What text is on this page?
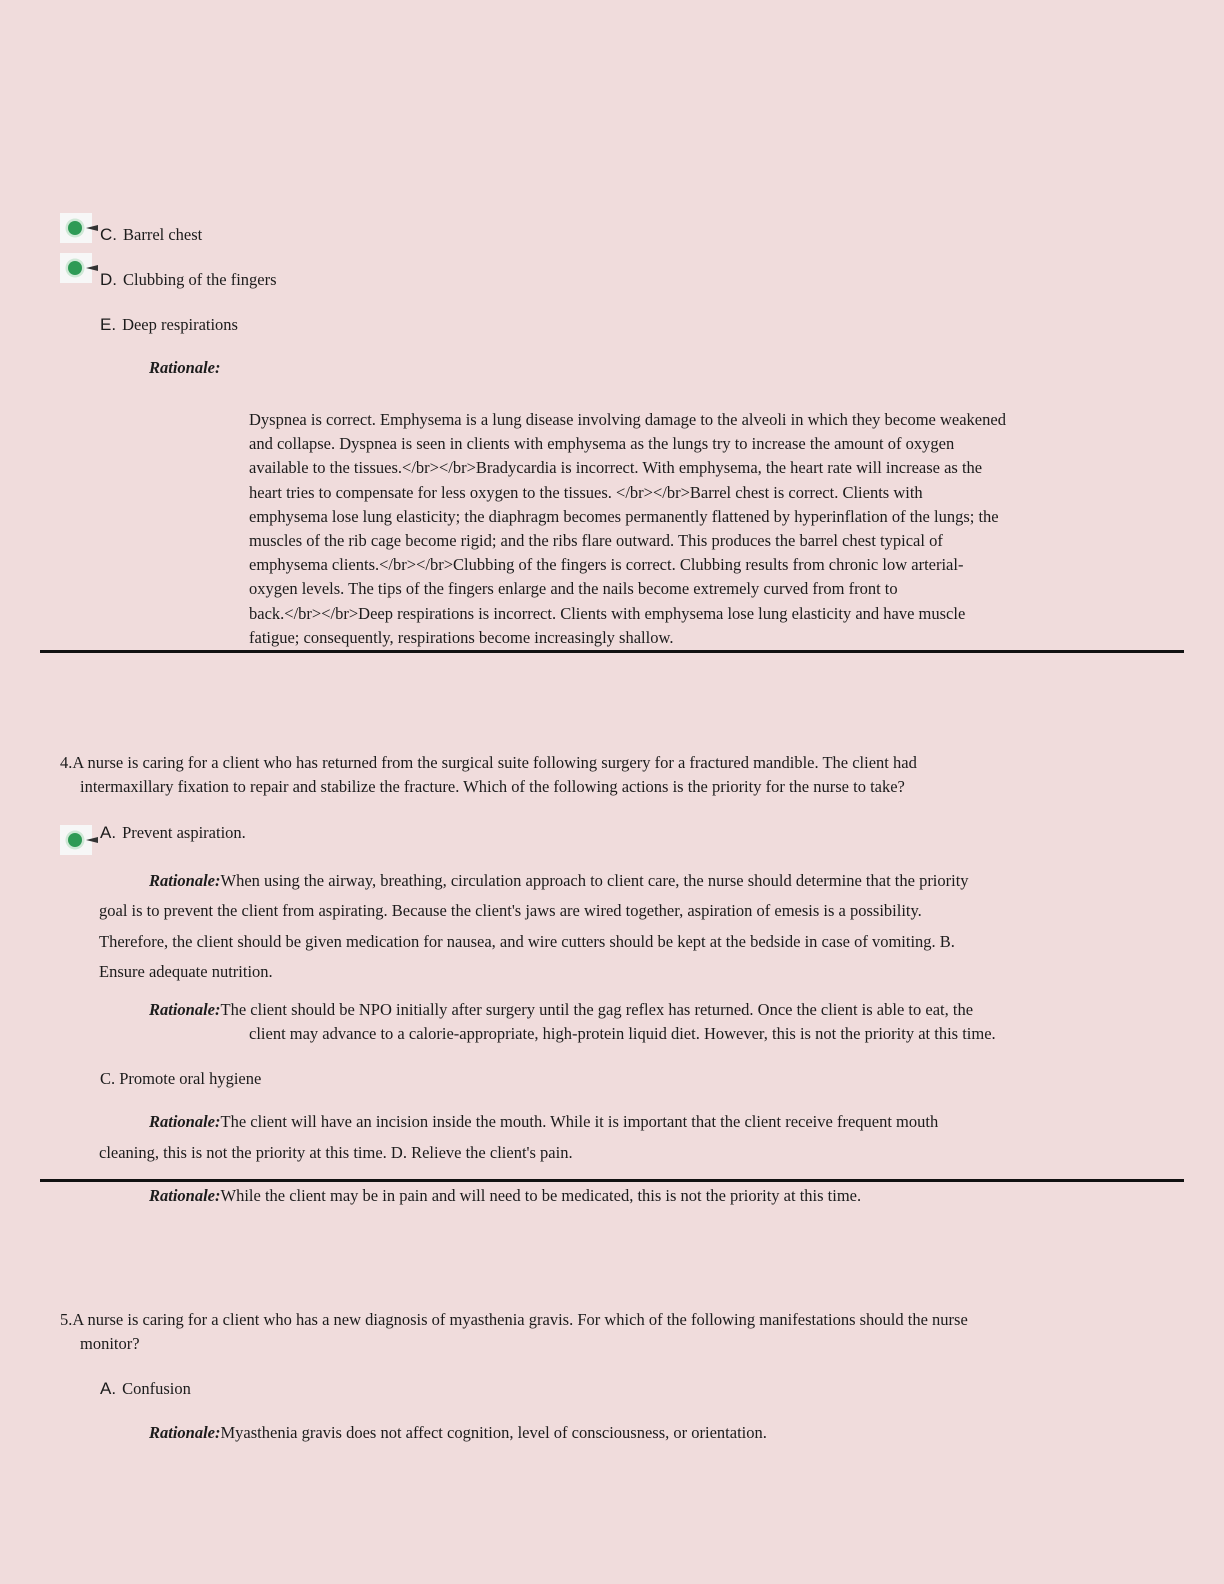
C. Barrel chest
D. Clubbing of the fingers
E. Deep respirations
Rationale:
Dyspnea is correct. Emphysema is a lung disease involving damage to the alveoli in which they become weakened
and collapse. Dyspnea is seen in clients with emphysema as the lungs try to increase the amount of oxygen
available to the tissues.</br></br>Bradycardia is incorrect. With emphysema, the heart rate will increase as the
heart tries to compensate for less oxygen to the tissues. </br></br>Barrel chest is correct. Clients with
emphysema lose lung elasticity; the diaphragm becomes permanently flattened by hyperinflation of the lungs; the
muscles of the rib cage become rigid; and the ribs flare outward. This produces the barrel chest typical of
emphysema clients.</br></br>Clubbing of the fingers is correct. Clubbing results from chronic low arterial-
oxygen levels. The tips of the fingers enlarge and the nails become extremely curved from front to
back.</br></br>Deep respirations is incorrect. Clients with emphysema lose lung elasticity and have muscle
fatigue; consequently, respirations become increasingly shallow.
4.A nurse is caring for a client who has returned from the surgical suite following surgery for a fractured mandible. The client had
intermaxillary fixation to repair and stabilize the fracture. Which of the following actions is the priority for the nurse to take?
A. Prevent aspiration.
Rationale:When using the airway, breathing, circulation approach to client care, the nurse should determine that the priority
goal is to prevent the client from aspirating. Because the client's jaws are wired together, aspiration of emesis is a possibility.
Therefore, the client should be given medication for nausea, and wire cutters should be kept at the bedside in case of vomiting. B.
Ensure adequate nutrition.
Rationale:The client should be NPO initially after surgery until the gag reflex has returned. Once the client is able to eat, the
client may advance to a calorie-appropriate, high-protein liquid diet. However, this is not the priority at this time.
C. Promote oral hygiene
Rationale:The client will have an incision inside the mouth. While it is important that the client receive frequent mouth
cleaning, this is not the priority at this time. D. Relieve the client's pain.
Rationale:While the client may be in pain and will need to be medicated, this is not the priority at this time.
5.A nurse is caring for a client who has a new diagnosis of myasthenia gravis. For which of the following manifestations should the nurse
monitor?
A. Confusion
Rationale:Myasthenia gravis does not affect cognition, level of consciousness, or orientation.
